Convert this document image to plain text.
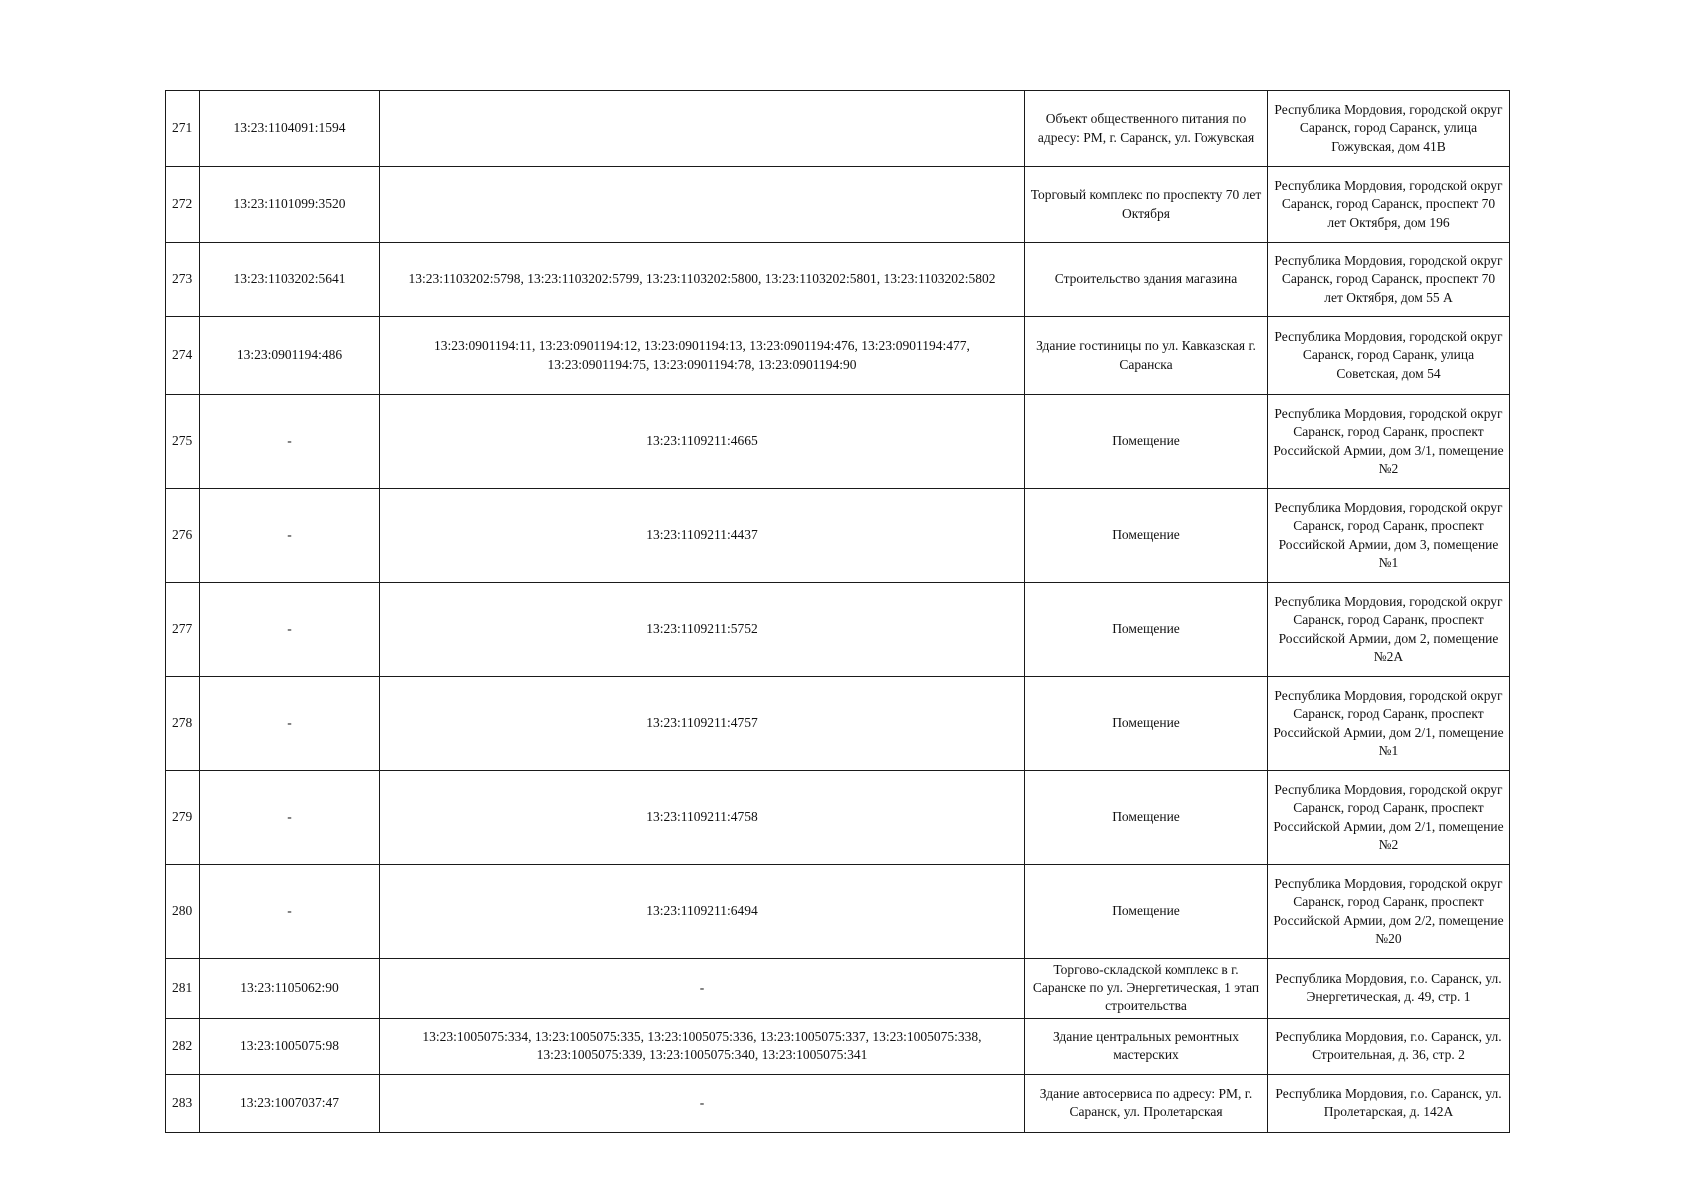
271	13:23:1104091:1594		Объект общественного питания по адресу: РМ, г. Саранск, ул. Гожувская	Республика Мордовия, городской округ Саранск, город Саранск, улица Гожувская, дом 41В
272	13:23:1101099:3520		Торговый комплекс по проспекту 70 лет Октября	Республика Мордовия, городской округ Саранск, город Саранск, проспект 70 лет Октября, дом 196
273	13:23:1103202:5641	13:23:1103202:5798, 13:23:1103202:5799, 13:23:1103202:5800, 13:23:1103202:5801, 13:23:1103202:5802	Строительство здания магазина	Республика Мордовия, городской округ Саранск, город Саранск, проспект 70 лет Октября, дом 55 А
274	13:23:0901194:486	13:23:0901194:11, 13:23:0901194:12, 13:23:0901194:13, 13:23:0901194:476, 13:23:0901194:477, 13:23:0901194:75, 13:23:0901194:78, 13:23:0901194:90	Здание гостиницы по ул. Кавказская г. Саранска	Республика Мордовия, городской округ Саранск, город Саранк, улица Советская, дом 54
275	-	13:23:1109211:4665	Помещение	Республика Мордовия, городской округ Саранск, город Саранк, проспект Российской Армии, дом 3/1, помещение №2
276	-	13:23:1109211:4437	Помещение	Республика Мордовия, городской округ Саранск, город Саранк, проспект Российской Армии, дом 3, помещение №1
277	-	13:23:1109211:5752	Помещение	Республика Мордовия, городской округ Саранск, город Саранк, проспект Российской Армии, дом 2, помещение №2А
278	-	13:23:1109211:4757	Помещение	Республика Мордовия, городской округ Саранск, город Саранк, проспект Российской Армии, дом 2/1, помещение №1
279	-	13:23:1109211:4758	Помещение	Республика Мордовия, городской округ Саранск, город Саранк, проспект Российской Армии, дом 2/1, помещение №2
280	-	13:23:1109211:6494	Помещение	Республика Мордовия, городской округ Саранск, город Саранк, проспект Российской Армии, дом 2/2, помещение №20
281	13:23:1105062:90	-	Торгово-складской комплекс в г. Саранске по ул. Энергетическая, 1 этап строительства	Республика Мордовия, г.о. Саранск, ул. Энергетическая, д. 49, стр. 1
282	13:23:1005075:98	13:23:1005075:334, 13:23:1005075:335, 13:23:1005075:336, 13:23:1005075:337, 13:23:1005075:338, 13:23:1005075:339, 13:23:1005075:340, 13:23:1005075:341	Здание центральных ремонтных мастерских	Республика Мордовия, г.о. Саранск, ул. Строительная, д. 36, стр. 2
283	13:23:1007037:47	-	Здание автосервиса по адресу: РМ, г. Саранск, ул. Пролетарская	Республика Мордовия, г.о. Саранск, ул. Пролетарская, д. 142А
